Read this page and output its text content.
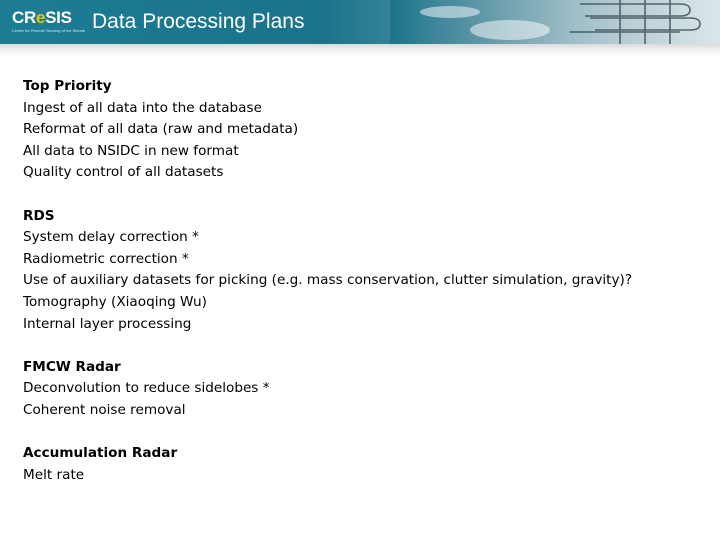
CReSIS
Center for Remote Sensing of Ice Sheets Data Processing Plans
Top Priority
Ingest of all data into the database
Reformat of all data (raw and metadata)
All data to NSIDC in new format
Quality control of all datasets
RDS
System delay correction *
Radiometric correction *
Use of auxiliary datasets for picking (e.g. mass conservation, clutter simulation, gravity)?
Tomography (Xiaoqing Wu)
Internal layer processing
FMCW Radar
Deconvolution to reduce sidelobes *
Coherent noise removal
Accumulation Radar
Melt rate
